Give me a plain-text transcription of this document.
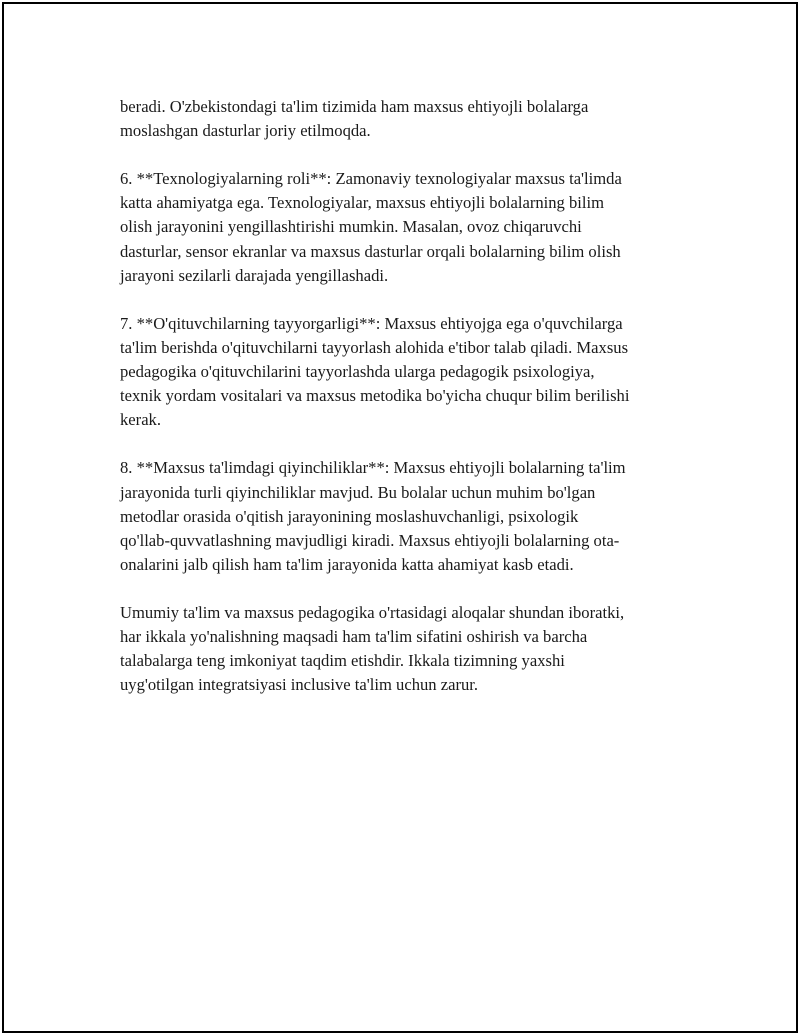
beradi. O'zbekistondagi ta'lim tizimida ham maxsus ehtiyojli bolalarga
moslashgan dasturlar joriy etilmoqda.

6. **Texnologiyalarning roli**: Zamonaviy texnologiyalar maxsus ta'limda
katta ahamiyatga ega. Texnologiyalar, maxsus ehtiyojli bolalarning bilim
olish jarayonini yengillashtirishi mumkin. Masalan, ovoz chiqaruvchi
dasturlar, sensor ekranlar va maxsus dasturlar orqali bolalarning bilim olish
jarayoni sezilarli darajada yengillashadi.

7. **O'qituvchilarning tayyorgarligi**: Maxsus ehtiyojga ega o'quvchilarga
ta'lim berishda o'qituvchilarni tayyorlash alohida e'tibor talab qiladi. Maxsus
pedagogika o'qituvchilarini tayyorlashda ularga pedagogik psixologiya,
texnik yordam vositalari va maxsus metodika bo'yicha chuqur bilim berilishi
kerak.

8. **Maxsus ta'limdagi qiyinchiliklar**: Maxsus ehtiyojli bolalarning ta'lim
jarayonida turli qiyinchiliklar mavjud. Bu bolalar uchun muhim bo'lgan
metodlar orasida o'qitish jarayonining moslashuvchanligi, psixologik
qo'llab-quvvatlashning mavjudligi kiradi. Maxsus ehtiyojli bolalarning ota-
onalarini jalb qilish ham ta'lim jarayonida katta ahamiyat kasb etadi.

Umumiy ta'lim va maxsus pedagogika o'rtasidagi aloqalar shundan iboratki,
har ikkala yo'nalishning maqsadi ham ta'lim sifatini oshirish va barcha
talabalarga teng imkoniyat taqdim etishdir. Ikkala tizimning yaxshi
uyg'otilgan integratsiyasi inclusive ta'lim uchun zarur.
